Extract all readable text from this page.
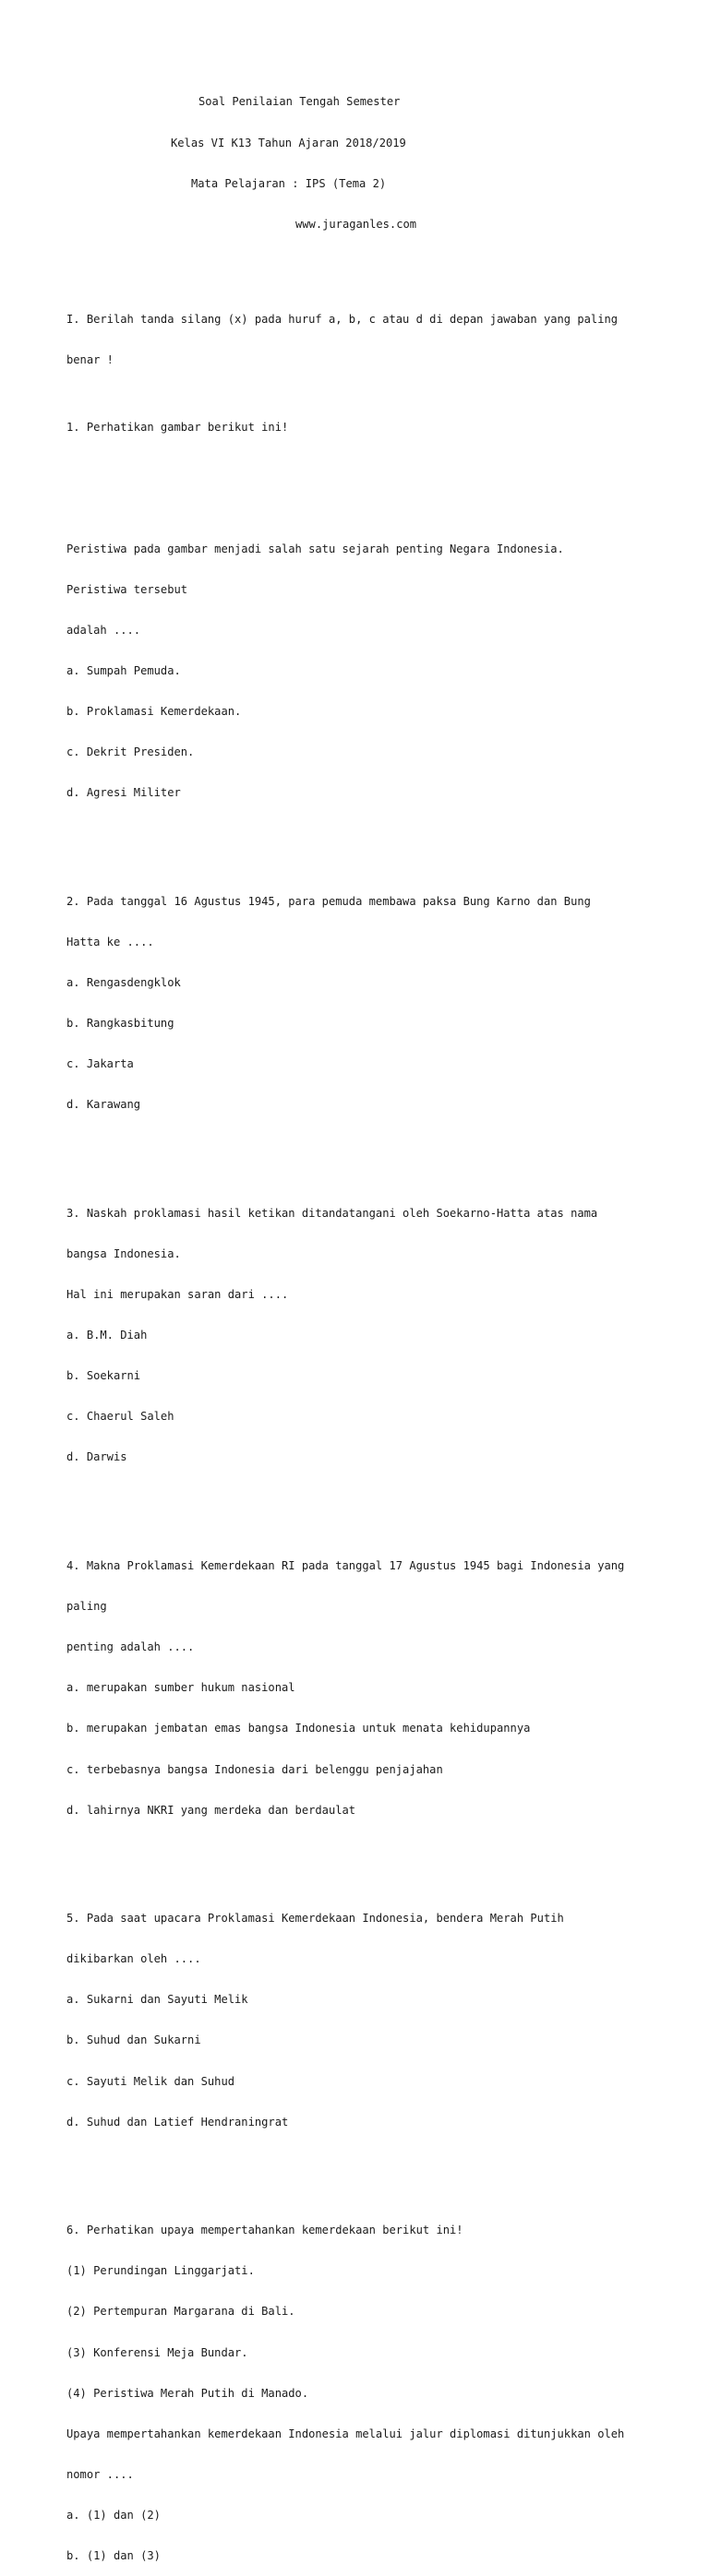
Soal Penilaian Tengah Semester

Kelas VI K13 Tahun Ajaran 2018/2019

Mata Pelajaran : IPS (Tema 2)

www.juraganles.com

I. Berilah tanda silang (x) pada huruf a, b, c atau d di depan jawaban yang paling

benar !

1. Perhatikan gambar berikut ini!

Peristiwa pada gambar menjadi salah satu sejarah penting Negara Indonesia.

Peristiwa tersebut

adalah ....

a. Sumpah Pemuda.

b. Proklamasi Kemerdekaan.

c. Dekrit Presiden.

d. Agresi Militer

2. Pada tanggal 16 Agustus 1945, para pemuda membawa paksa Bung Karno dan Bung

Hatta ke ....

a. Rengasdengklok

b. Rangkasbitung

c. Jakarta

d. Karawang

3. Naskah proklamasi hasil ketikan ditandatangani oleh Soekarno-Hatta atas nama

bangsa Indonesia.

Hal ini merupakan saran dari ....

a. B.M. Diah

b. Soekarni

c. Chaerul Saleh

d. Darwis

4. Makna Proklamasi Kemerdekaan RI pada tanggal 17 Agustus 1945 bagi Indonesia yang

paling

penting adalah ....

a. merupakan sumber hukum nasional

b. merupakan jembatan emas bangsa Indonesia untuk menata kehidupannya

c. terbebasnya bangsa Indonesia dari belenggu penjajahan

d. lahirnya NKRI yang merdeka dan berdaulat

5. Pada saat upacara Proklamasi Kemerdekaan Indonesia, bendera Merah Putih

dikibarkan oleh ....

a. Sukarni dan Sayuti Melik

b. Suhud dan Sukarni

c. Sayuti Melik dan Suhud

d. Suhud dan Latief Hendraningrat

6. Perhatikan upaya mempertahankan kemerdekaan berikut ini!

(1) Perundingan Linggarjati.

(2) Pertempuran Margarana di Bali.

(3) Konferensi Meja Bundar.

(4) Peristiwa Merah Putih di Manado.

Upaya mempertahankan kemerdekaan Indonesia melalui jalur diplomasi ditunjukkan oleh

nomor ....

a. (1) dan (2)

b. (1) dan (3)
